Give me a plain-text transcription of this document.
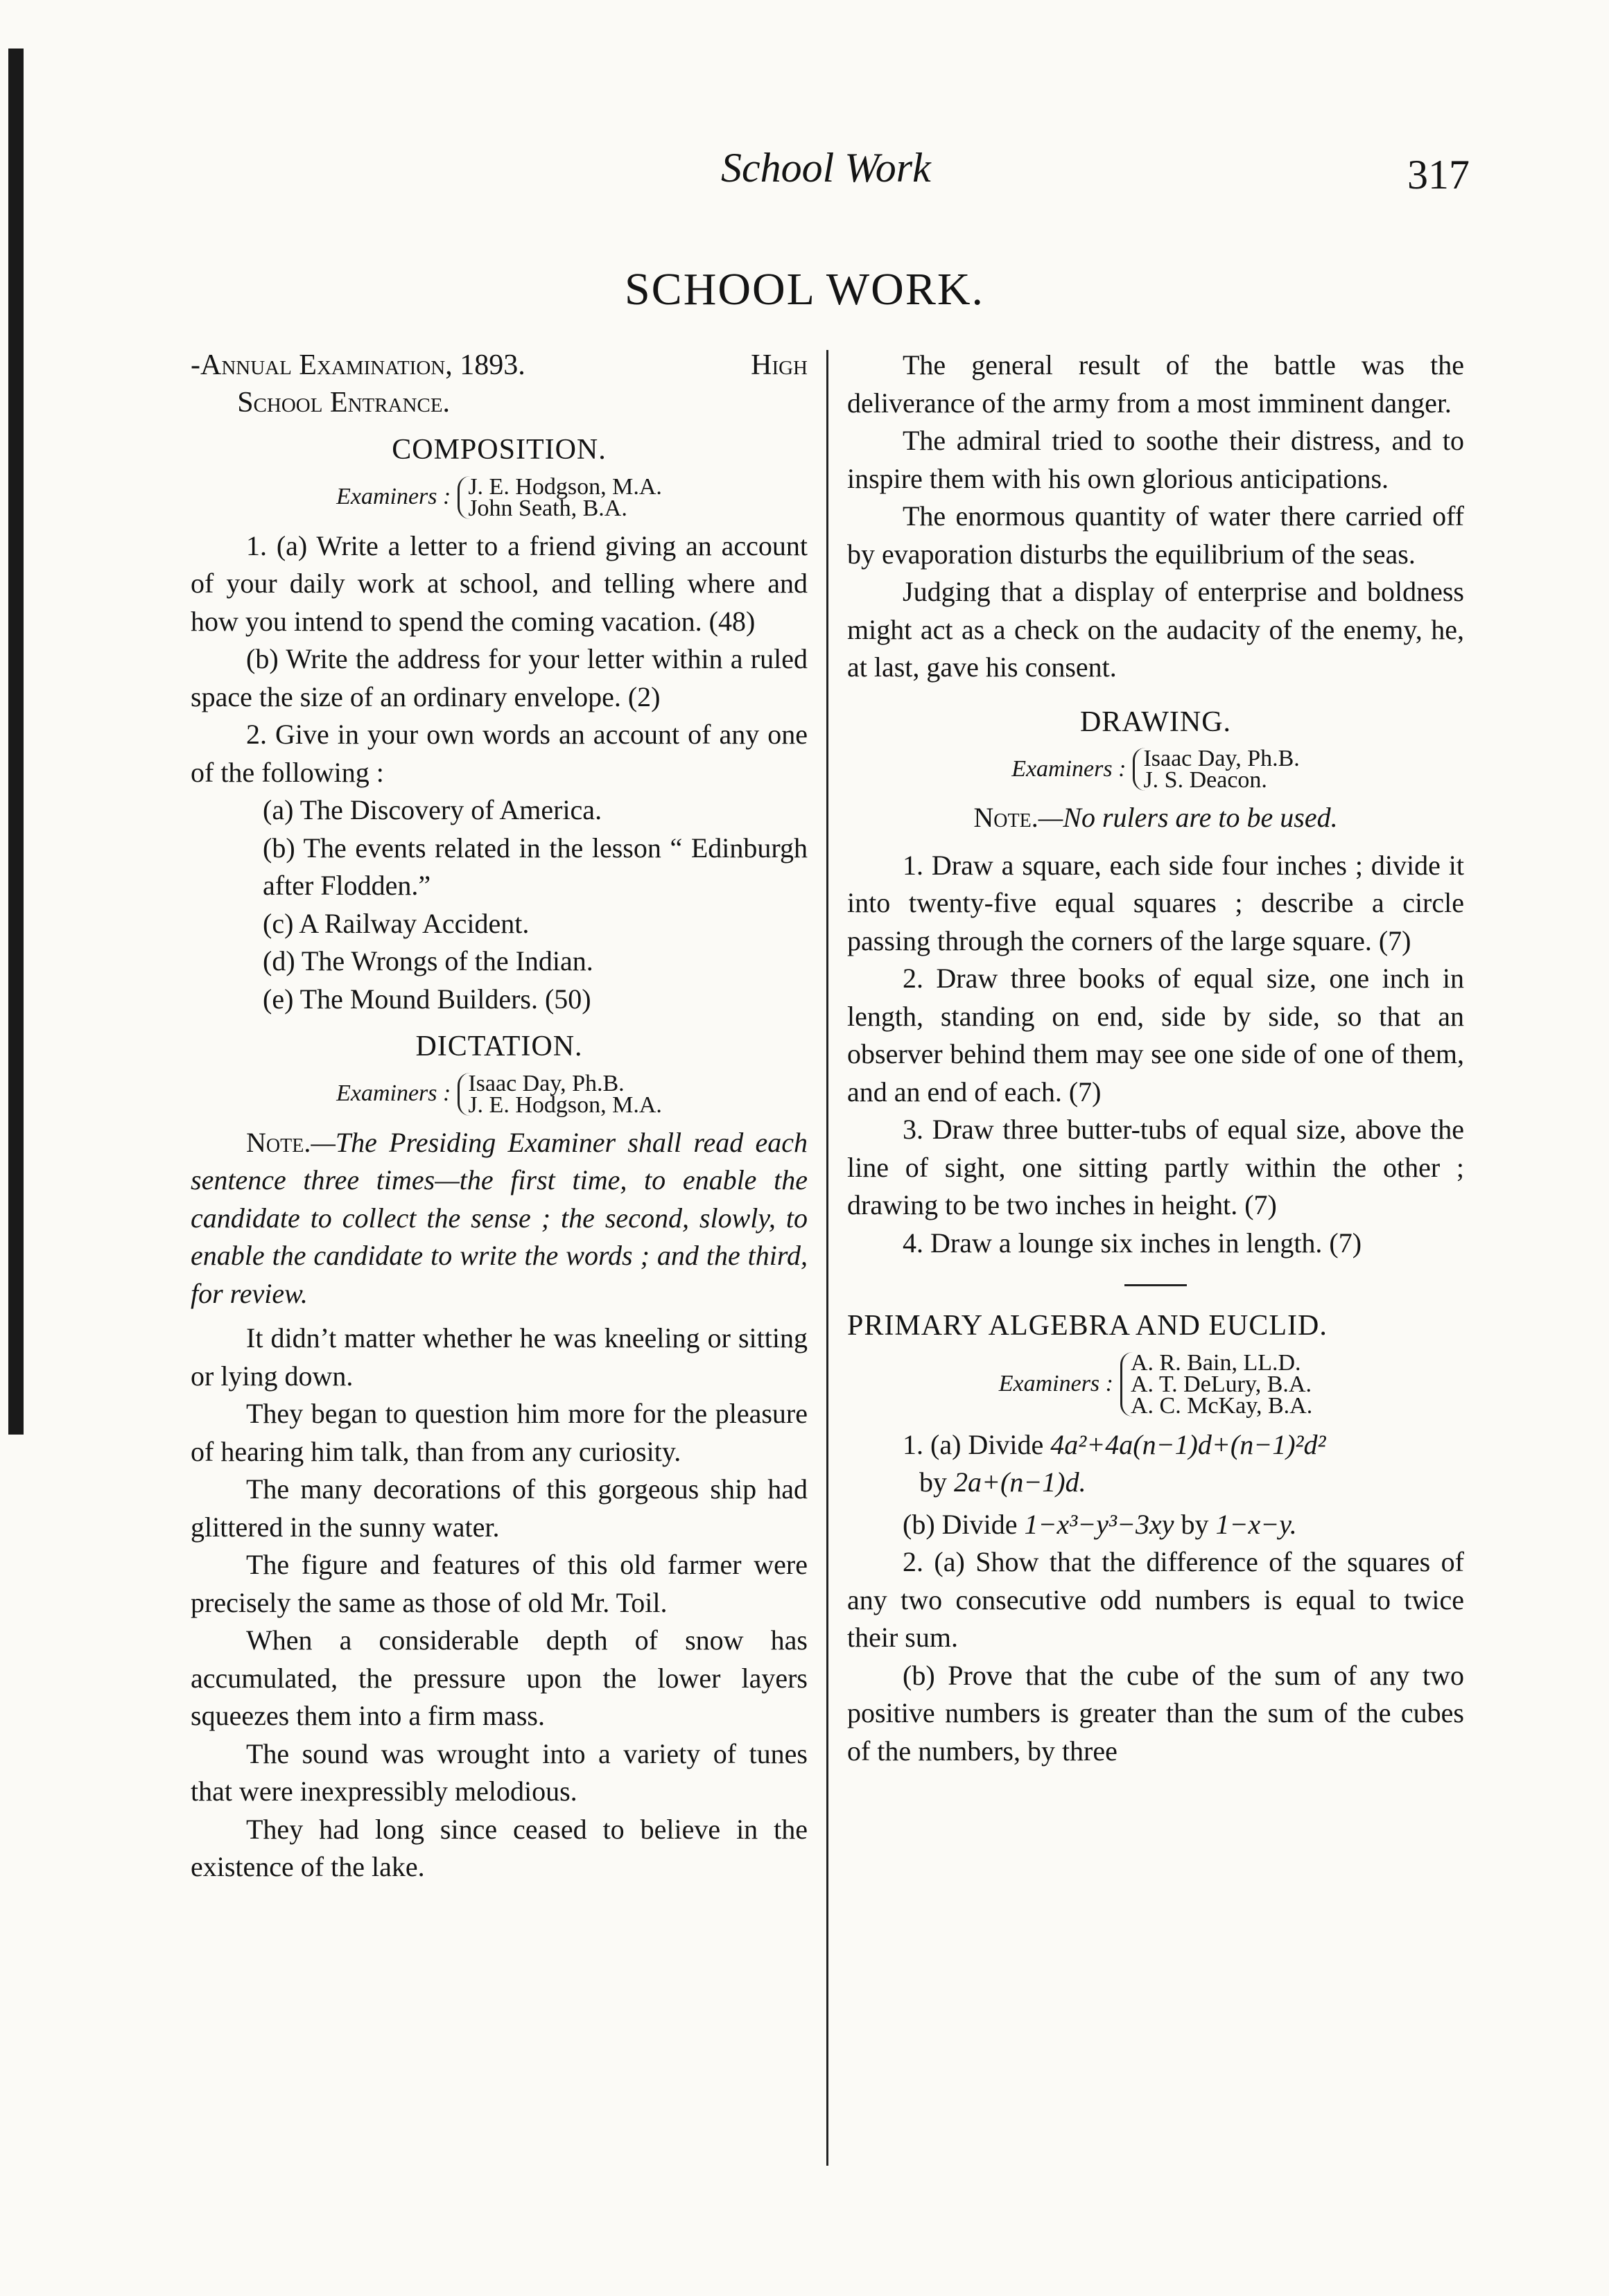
School Work	317
SCHOOL WORK.
-Annual Examination, 1893.	High
School Entrance.
COMPOSITION.
Examiners : J. E. Hodgson, M.A.
John Seath, B.A.

1. (a) Write a letter to a friend giving an account of your daily work at school, and telling where and how you intend to spend the coming vacation. (48)

(b) Write the address for your letter within a ruled space the size of an ordinary envelope. (2)

2. Give in your own words an account of any one of the following :

(a) The Discovery of America.

(b) The events related in the lesson “ Edinburgh after Flodden.”

(c) A Railway Accident.

(d) The Wrongs of the Indian.

(e) The Mound Builders. (50)

DICTATION.
Examiners : Isaac Day, Ph.B.
J. E. Hodgson, M.A.

Note.—The Presiding Examiner shall read each sentence three times—the first time, to enable the candidate to collect the sense ; the second, slowly, to enable the candidate to write the words ; and the third, for review.

It didn’t matter whether he was kneeling or sitting or lying down.

They began to question him more for the pleasure of hearing him talk, than from any curiosity.

The many decorations of this gorgeous ship had glittered in the sunny water.

The figure and features of this old farmer were precisely the same as those of old Mr. Toil.

When a considerable depth of snow has accumulated, the pressure upon the lower layers squeezes them into a firm mass.

The sound was wrought into a variety of tunes that were inexpressibly melodious.

They had long since ceased to believe in the existence of the lake.

The general result of the battle was the deliverance of the army from a most imminent danger.

The admiral tried to soothe their distress, and to inspire them with his own glorious anticipations.

The enormous quantity of water there carried off by evaporation disturbs the equilibrium of the seas.

Judging that a display of enterprise and boldness might act as a check on the audacity of the enemy, he, at last, gave his consent.

DRAWING.
Examiners : Isaac Day, Ph.B.
J. S. Deacon.

Note.—No rulers are to be used.

1. Draw a square, each side four inches ; divide it into twenty-five equal squares ; describe a circle passing through the corners of the large square. (7)

2. Draw three books of equal size, one inch in length, standing on end, side by side, so that an observer behind them may see one side of one of them, and an end of each. (7)

3. Draw three butter-tubs of equal size, above the line of sight, one sitting partly within the other ; drawing to be two inches in height. (7)

4. Draw a lounge six inches in length. (7)

PRIMARY ALGEBRA AND EUCLID.
Examiners :
A. R. Bain, LL.D.
A. T. DeLury, B.A.
A. C. McKay, B.A.

1. (a) Divide 4a²+4a(n−1)d+(n−1)²d²
by 2a+(n−1)d.

(b) Divide 1−x³−y³−3xy by 1−x−y.

2. (a) Show that the difference of the squares of any two consecutive odd numbers is equal to twice their sum.

(b) Prove that the cube of the sum of any two positive numbers is greater than the sum of the cubes of the numbers, by three
